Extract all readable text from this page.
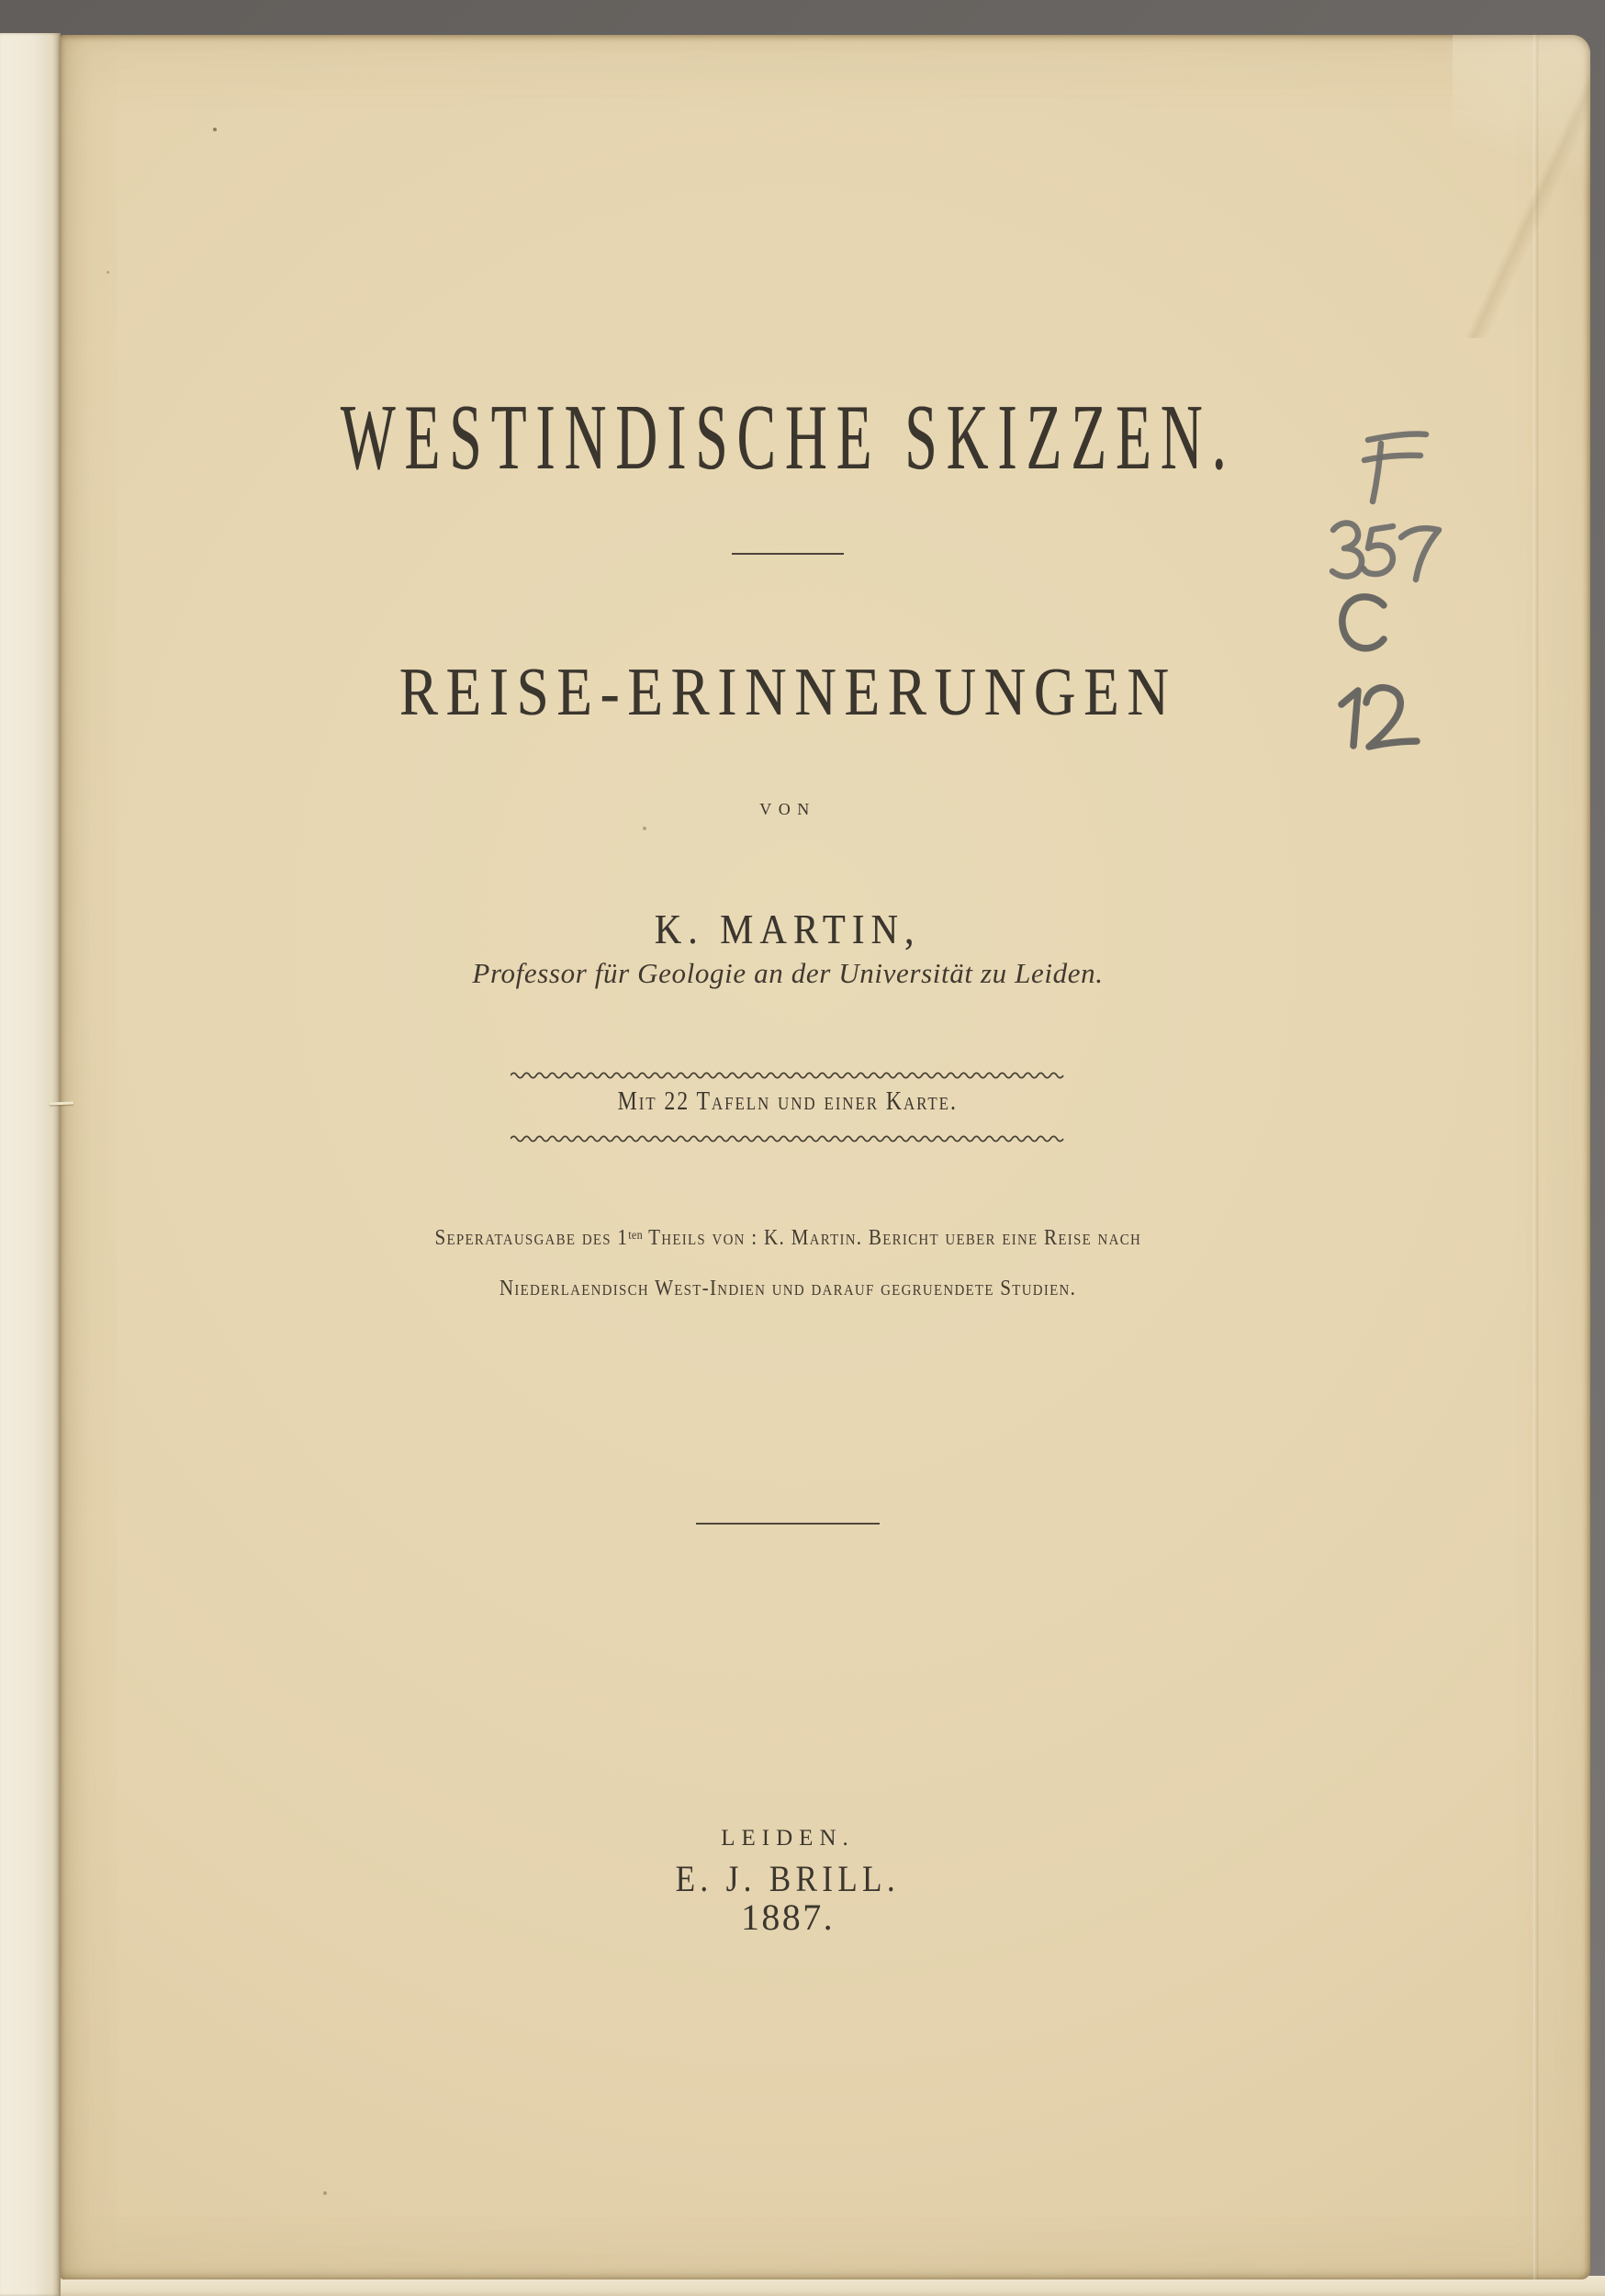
WESTINDISCHE SKIZZEN.
REISE-ERINNERUNGEN
von
K. MARTIN,
Professor für Geologie an der Universität zu Leiden.
Mit 22 Tafeln und einer Karte.
Seperatausgabe des $1^{ten}$ Theils von : K. Martin. Bericht ueber eine Reise nach
Niederlaendisch West-Indien und darauf gegruendete Studien.
LEIDEN.
E. J. BRILL.
1887.
